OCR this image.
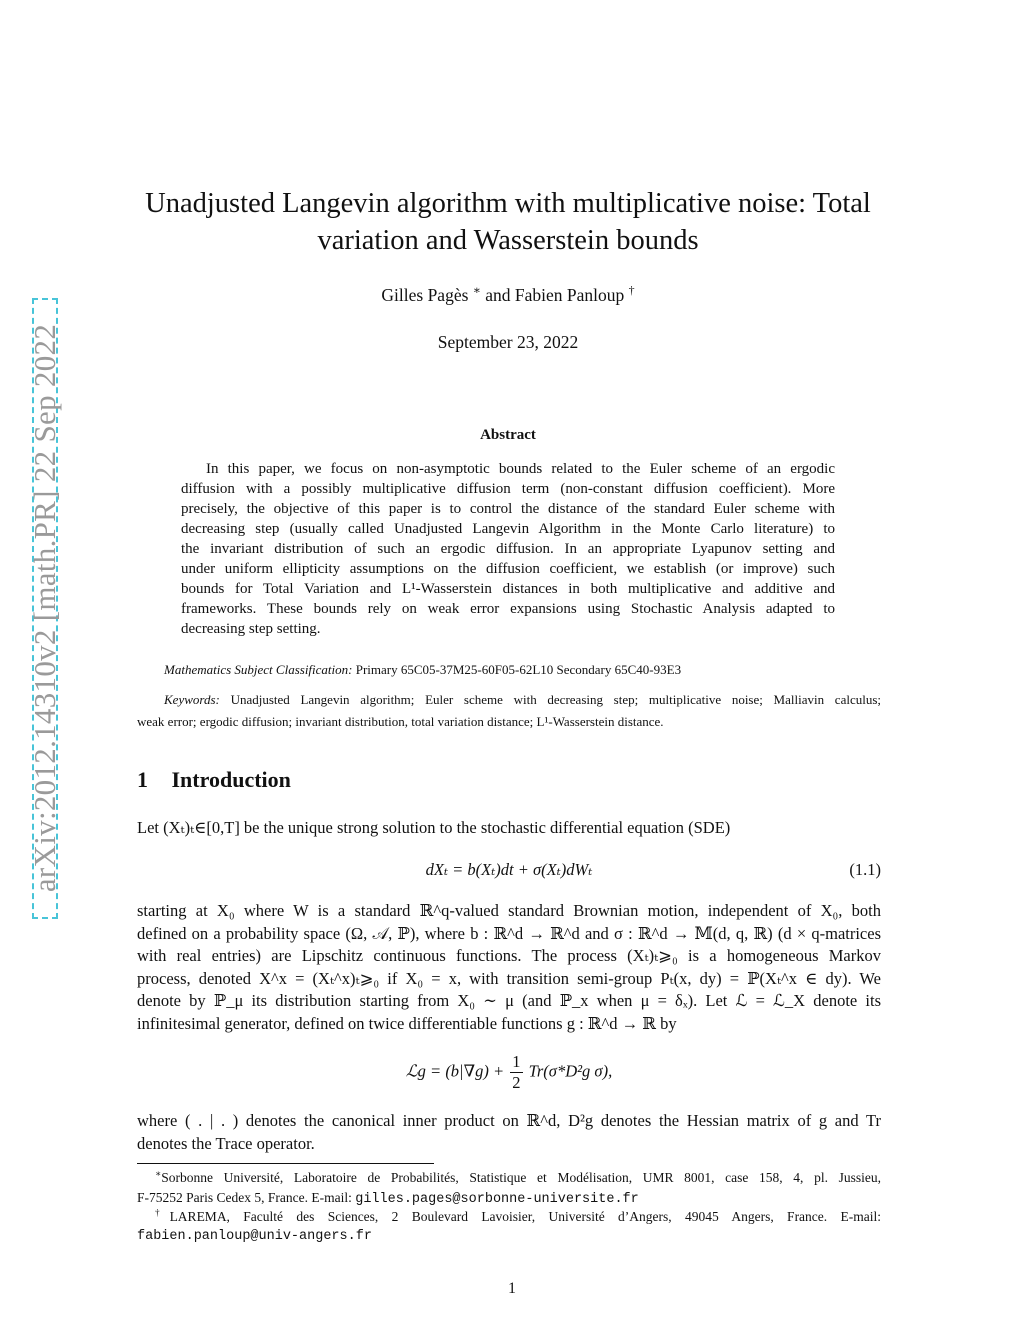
arXiv:2012.14310v2 [math.PR] 22 Sep 2022
Unadjusted Langevin algorithm with multiplicative noise: Total
variation and Wasserstein bounds
Gilles Pagès ∗ and Fabien Panloup †
September 23, 2022
Abstract
In this paper, we focus on non-asymptotic bounds related to the Euler scheme of an ergodic
diffusion with a possibly multiplicative diffusion term (non-constant diffusion coefficient). More
precisely, the objective of this paper is to control the distance of the standard Euler scheme with
decreasing step (usually called Unadjusted Langevin Algorithm in the Monte Carlo literature) to
the invariant distribution of such an ergodic diffusion. In an appropriate Lyapunov setting and
under uniform ellipticity assumptions on the diffusion coefficient, we establish (or improve) such
bounds for Total Variation and L¹-Wasserstein distances in both multiplicative and additive and
frameworks. These bounds rely on weak error expansions using Stochastic Analysis adapted to
decreasing step setting.
Mathematics Subject Classification: Primary 65C05-37M25-60F05-62L10 Secondary 65C40-93E3
Keywords: Unadjusted Langevin algorithm; Euler scheme with decreasing step; multiplicative noise; Malliavin calculus;
weak error; ergodic diffusion; invariant distribution, total variation distance; L¹-Wasserstein distance.
1 Introduction
Let (Xₜ)ₜ∈[0,T] be the unique strong solution to the stochastic differential equation (SDE)
dXₜ = b(Xₜ)dt + σ(Xₜ)dWₜ	(1.1)
starting at X₀ where W is a standard ℝ^q-valued standard Brownian motion, independent of X₀, both
defined on a probability space (Ω, 𝒜, ℙ), where b : ℝ^d → ℝ^d and σ : ℝ^d → 𝕄(d, q, ℝ) (d × q-matrices
with real entries) are Lipschitz continuous functions. The process (Xₜ)ₜ⩾₀ is a homogeneous Markov
process, denoted X^x = (Xₜ^x)ₜ⩾₀ if X₀ = x, with transition semi-group Pₜ(x, dy) = ℙ(Xₜ^x ∈ dy). We
denote by ℙ_μ its distribution starting from X₀ ∼ μ (and ℙ_x when μ = δₓ). Let ℒ = ℒ_X denote its
infinitesimal generator, defined on twice differentiable functions g : ℝ^d → ℝ by
ℒg = $(b|\nabla g) + \frac{1}{2} Tr(\sigma*D^2g$ σ),
where ( . | . ) denotes the canonical inner product on ℝ^d, D²g denotes the Hessian matrix of g and Tr
denotes the Trace operator.
∗Sorbonne Université, Laboratoire de Probabilités, Statistique et Modélisation, UMR 8001, case 158, 4, pl. Jussieu,
F-75252 Paris Cedex 5, France. E-mail: gilles.pages@sorbonne-universite.fr
†LAREMA, Faculté des Sciences, 2 Boulevard Lavoisier, Université d’Angers, 49045 Angers, France. E-mail:
fabien.panloup@univ-angers.fr
1
